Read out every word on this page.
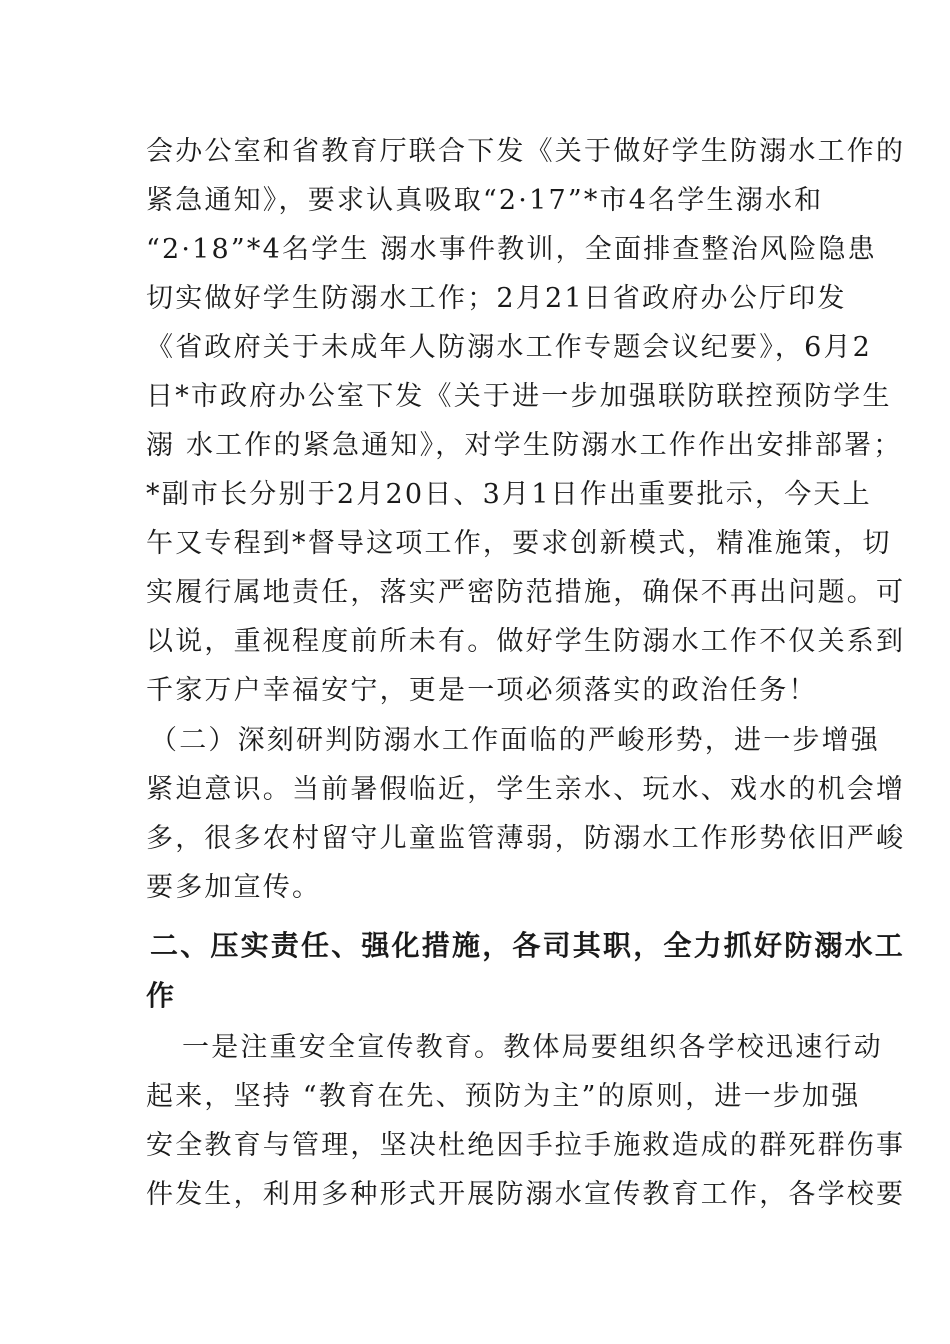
会办公室和省教育厅联合下发《关于做好学生防溺水工作的
紧急通知》，要求认真吸取“2·17”*市4名学生溺水和
“2·18”*4名学生 溺水事件教训，全面排查整治风险隐患
切实做好学生防溺水工作；2月21日省政府办公厅印发
《省政府关于未成年人防溺水工作专题会议纪要》，6月2
日*市政府办公室下发《关于进一步加强联防联控预防学生
溺 水工作的紧急通知》，对学生防溺水工作作出安排部署；
*副市长分别于2月20日、3月1日作出重要批示，今天上
午又专程到*督导这项工作，要求创新模式，精准施策，切
实履行属地责任，落实严密防范措施，确保不再出问题。可
以说，重视程度前所未有。做好学生防溺水工作不仅关系到
千家万户幸福安宁，更是一项必须落实的政治任务！
（二）深刻研判防溺水工作面临的严峻形势，进一步增强
紧迫意识。当前暑假临近，学生亲水、玩水、戏水的机会增
多，很多农村留守儿童监管薄弱，防溺水工作形势依旧严峻
要多加宣传。
二、压实责任、强化措施，各司其职，全力抓好防溺水工
作
一是注重安全宣传教育。教体局要组织各学校迅速行动
起来，坚持 “教育在先、预防为主”的原则，进一步加强
安全教育与管理，坚决杜绝因手拉手施救造成的群死群伤事
件发生，利用多种形式开展防溺水宣传教育工作，各学校要
